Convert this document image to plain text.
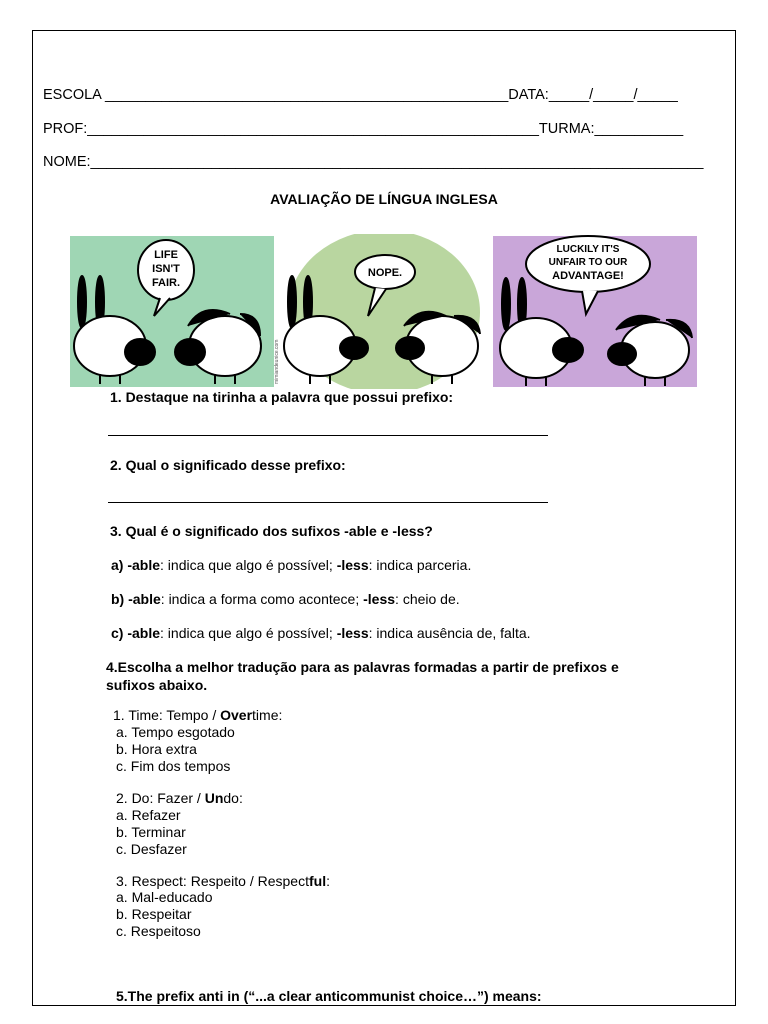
ESCOLA __________________________________________________DATA:_____/_____/_____
PROF:________________________________________________________TURMA:___________
NOME:____________________________________________________________________________
AVALIAÇÃO DE LÍNGUA INGLESA
LIFE
ISN'T
FAIR.
NOPE.
LUCKILY IT'S
UNFAIR TO OUR
ADVANTAGE!
mimiandeunice.com
1. Destaque na tirinha a palavra que possui prefixo:
2. Qual o significado desse prefixo:
3. Qual é o significado dos sufixos -able e -less?
a) -able: indica que algo é possível; -less: indica parceria.
b) -able: indica a forma como acontece; -less: cheio de.
c) -able: indica que algo é possível; -less: indica ausência de, falta.
4.Escolha a melhor tradução para as palavras formadas a partir de prefixos e
sufixos abaixo.
1. Time: Tempo / Overtime:
a. Tempo esgotado
b. Hora extra
c. Fim dos tempos
2. Do: Fazer / Undo:
a. Refazer
b. Terminar
c. Desfazer
3. Respect: Respeito / Respectful:
a. Mal-educado
b. Respeitar
c. Respeitoso
5.The prefix anti in (“...a clear anticommunist choice…”) means:
